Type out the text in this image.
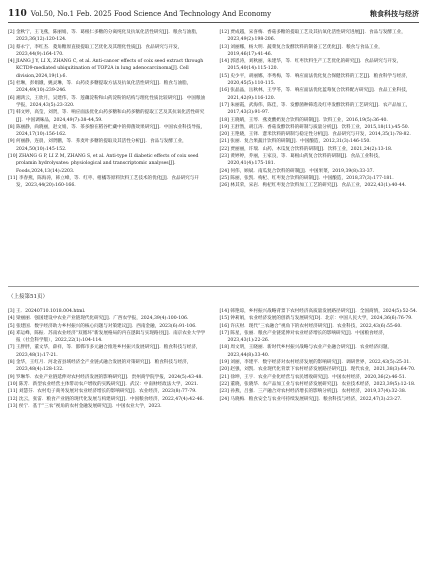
110 Vol.50, No.1 Feb. 2025 Food Science And Technology And Economy	粮食科技与经济

[2] 金秋宁，王飞燕，陈丽娟，等．葛根仁多糖的分离纯化及抗氧化活性研究[J]．粮食与油脂，2023,36(12):120-124.

[3] 蔡永宁，李红杰．菱角糖原直接提取工艺优化及其理化性质[J]．食品研究与开发，2023,44(9):164-170.

[4] JIANG J Y, LI X, ZHANG C, et al. Anti-cancer effects of coix seed extract through KCTD9-mediated ubiquitination of TOP2A in lung adenocarcinoma[J]. Cell division,2024,19(1):6.

[5] 杜琳，彭娟娥，姚灵琳，等．山药皮多糖提取方法及抗氧化活性研究[J]．粮食与油脂，2024,49(10):239-246.

[6] 湘鸿云，王欣月，吴建伟，等．莲藕淀粉和山药淀粉的结构与理化性质比较研究[J]．中国粮油学报，2024,43(5):23-320.

[7] 韩文婷，高莹，刘贤，等．响应面法优化山药多糖和山药多糖的提取工艺及其抗氧化活性研究[J]．中国调味品，2024,49(7):38-44,59.

[8] 陈丽静，尚晓丽，赵文娟，等．茶多酚在稻谷贮藏中的抑菌效果研究[J]．中国农业科技导报，2024,17(10):156-162.

[9] 何丽静，连晨，刘贤鹏，等．荞麦叶多糖的提取及其活性分析[J]．食品与发酵工业，2024,50(10):145-152.

[10] ZHANG G P, LI Z M, ZHANG S, et al. Anti-type II diabetic effects of coix seed prolamin hydrolysates: physiological and transcriptomic analyses[J]. Foods,2024,13(14):2203.

[11] 李春燕，陈海涛，韩立峰，等．红枣、柑橘等原料饮料工艺技术的优化[J]．食品研究与开发，2023,44(20):160-166.

[12] 贾成越，宋喜梅．香菇多糖的提取工艺及其抗氧化活性研究进展[J]．食品与发酵工业，2023,49(2):198-206.

[13] 刘丽娜，杨大明．蔬菜复合发酵饮料的制备工艺优化[J]．粮食与食品工业，2019,46(17):41-46.

[14] 郭恩涛，刘秋丽，朱建华，等．红枣饮料生产工艺优化的研究[J]．食品研究与开发，2015,40(14):115-120.

[15] 史少平，胡丽娜，李秀梅，等．响应面法优化复合保健饮料的工艺[J]．粮食科学与经济，2020,45(5):110-115.

[16] 张晶晶，岳秋林，王学苓，等．响应面法优化蓝莓复合饮料配方研究[J]．食品工业科技，2021,42(9):116-120.

[17] 朱丽霞，武海伟，陈佳，等．发酵菌种筛选及红枣发酵饮料的工艺研究[J]．农产品加工，2017,43(3):91-97.

[18] 王晓晴，王琴．燕麦酸奶复合饮料的研制[J]．饮料工业，2016,19(5):36-40.

[19] 王舒然，胡江涛．香菇发酵饮料的研制与质量分析[J]．饮料工业，2015,18(11):45-50.

[20] 王艳晓，王铎．薏米饮料的研制与稳定性分析[J]．食品研究与开发，2014,35(1):78-82.

[21] 张丽．复合果蔬汁饮料的研制[J]．中国酿造，2012,31(3):146-150.

[22] 贾丽丽，许瑞．山药、木瓜复合饮料的研制[J]．饮料工业，2021,24(2):13-18.

[23] 黄婷婷，乔丽，王家良，等．葛根山药复合饮料的研制[J]．食品工业科技，2020,41(4):175-181.

[24] 何伟，顾斌．南瓜复合饮料的研制[J]．中国果菜，2019,39(8):33-37.

[25] 陈丽，张凯．枸杞、红枣复合饮料的研制[J]．中国酿造，2018,37(3):177-181.

[26] 林其荣，宋岩．枸杞红枣复合饮料加工工艺的研究[J]．食品工业，2022,43(1):40-44.

（上接第51页）

[3] 王．20240710.1018.004.html.

[4] 梁丽丽．强国建设中农业产业链现代化研究[J]．广西农学报，2024,39(4):100-106.

[5] 张建国．数字经济助力乡村振兴的核心问题与对策建议[J]．西南金融，2023(6):91-106.

[6] 邓运峰，陈振．苏南农业经济“双循环”新发展格局的内在逻辑与实现路径[J]．南京农业大学学报（社会科学版），2022,22(1):104-114.

[7] 王胖胖，董文华，薛祥，等．邯郸市多元融合推进乡村振兴发展研究[J]．粮食科技与经济，2023,48(1):17-21.

[8] 金华，王红月．河北省县域经济全产业链式融合发展的对策研究[J]．粮食科技与经济，2023,48(4):128-132.

[9] 罗琳华．农业产业链延伸对农村经济发展的影响研究[J]．贵州商学院学报，2024(5):43-48.

[10] 陈芳．新型农业经营主体带动农户增收的实践研究[J]．武汉：中南财经政法大学，2021.

[11] 刘慧芬．农村电子商务发展对农业经济增长的影响研究[J]．农业经济，2023(8):77-79.

[12] 沈云，张雷．粮食产业链的现代化发展与构建研究[J]．中国粮食经济，2022,47(4):42-46.

[13] 侯宁．基于“三农”视角的农村金融发展研究[J]．中国农业大学，2023.

[14] 韩艳琼，乡村振兴战略背景下农村经济高质量发展路径研究[J]．全国商情，2024(5):52-54.

[15] 钟莉娟，农业经济发展的创新与发展研究[D]．北京：中国人民大学，2024,36(6):76-79.

[16] 许庆财．现代“三农融合”视角下的农村经济研究[J]．农业科技，2022,43(6):55-60.

[17] 陈星，张丽．粮食产业链延伸对农业经济增长的影响研究[J]．中国粮食经济，2023,43(1):22-26.

[18] 周文明，王晓丽．新时代乡村振兴战略与农业产业融合研究[J]．农业经济问题，2023,44(8):33-40.

[19] 刘丽，李建平．数字经济对农村经济发展的影响研究[J]．调研世界，2022,43(5):25-31.

[20] 赵强，刘凯．农业现代化背景下农村经济发展路径研究[J]．现代农业，2021,38(3):64-70.

[21] 徐坤，王宇．农业产业化经营与农民增收研究[J]．中国农村经济，2020,36(2):46-51.

[22] 董晓，张晓华．农产品加工业与农村经济发展研究[J]．农业技术经济，2023,39(5):12-18.

[23] 孙燕，吕强．三产融合对农村经济增长的影响分析[J]．农村经济，2019,37(4):32-38.

[24] 马晓梅．粮食安全与农业可持续发展研究[J]．粮食科技与经济，2022,47(3):23-27.
